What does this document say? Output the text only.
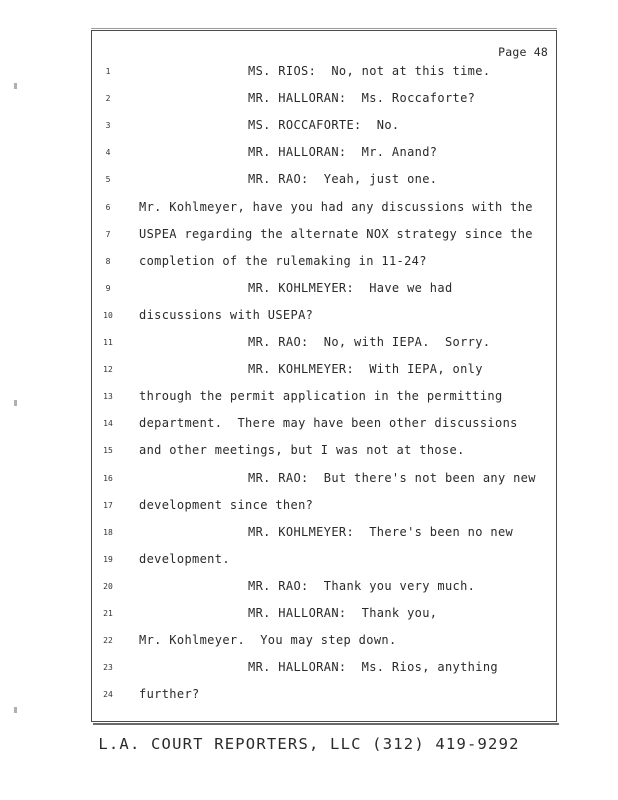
Page 48
1	MS. RIOS:  No, not at this time.
2	MR. HALLORAN:  Ms. Roccaforte?
3	MS. ROCCAFORTE:  No.
4	MR. HALLORAN:  Mr. Anand?
5	MR. RAO:  Yeah, just one.
6	Mr. Kohlmeyer, have you had any discussions with the
7	USPEA regarding the alternate NOX strategy since the
8	completion of the rulemaking in 11-24?
9	MR. KOHLMEYER:  Have we had
10	discussions with USEPA?
11	MR. RAO:  No, with IEPA.  Sorry.
12	MR. KOHLMEYER:  With IEPA, only
13	through the permit application in the permitting
14	department.  There may have been other discussions
15	and other meetings, but I was not at those.
16	MR. RAO:  But there's not been any new
17	development since then?
18	MR. KOHLMEYER:  There's been no new
19	development.
20	MR. RAO:  Thank you very much.
21	MR. HALLORAN:  Thank you,
22	Mr. Kohlmeyer.  You may step down.
23	MR. HALLORAN:  Ms. Rios, anything
24	further?
L.A. COURT REPORTERS, LLC (312) 419-9292
